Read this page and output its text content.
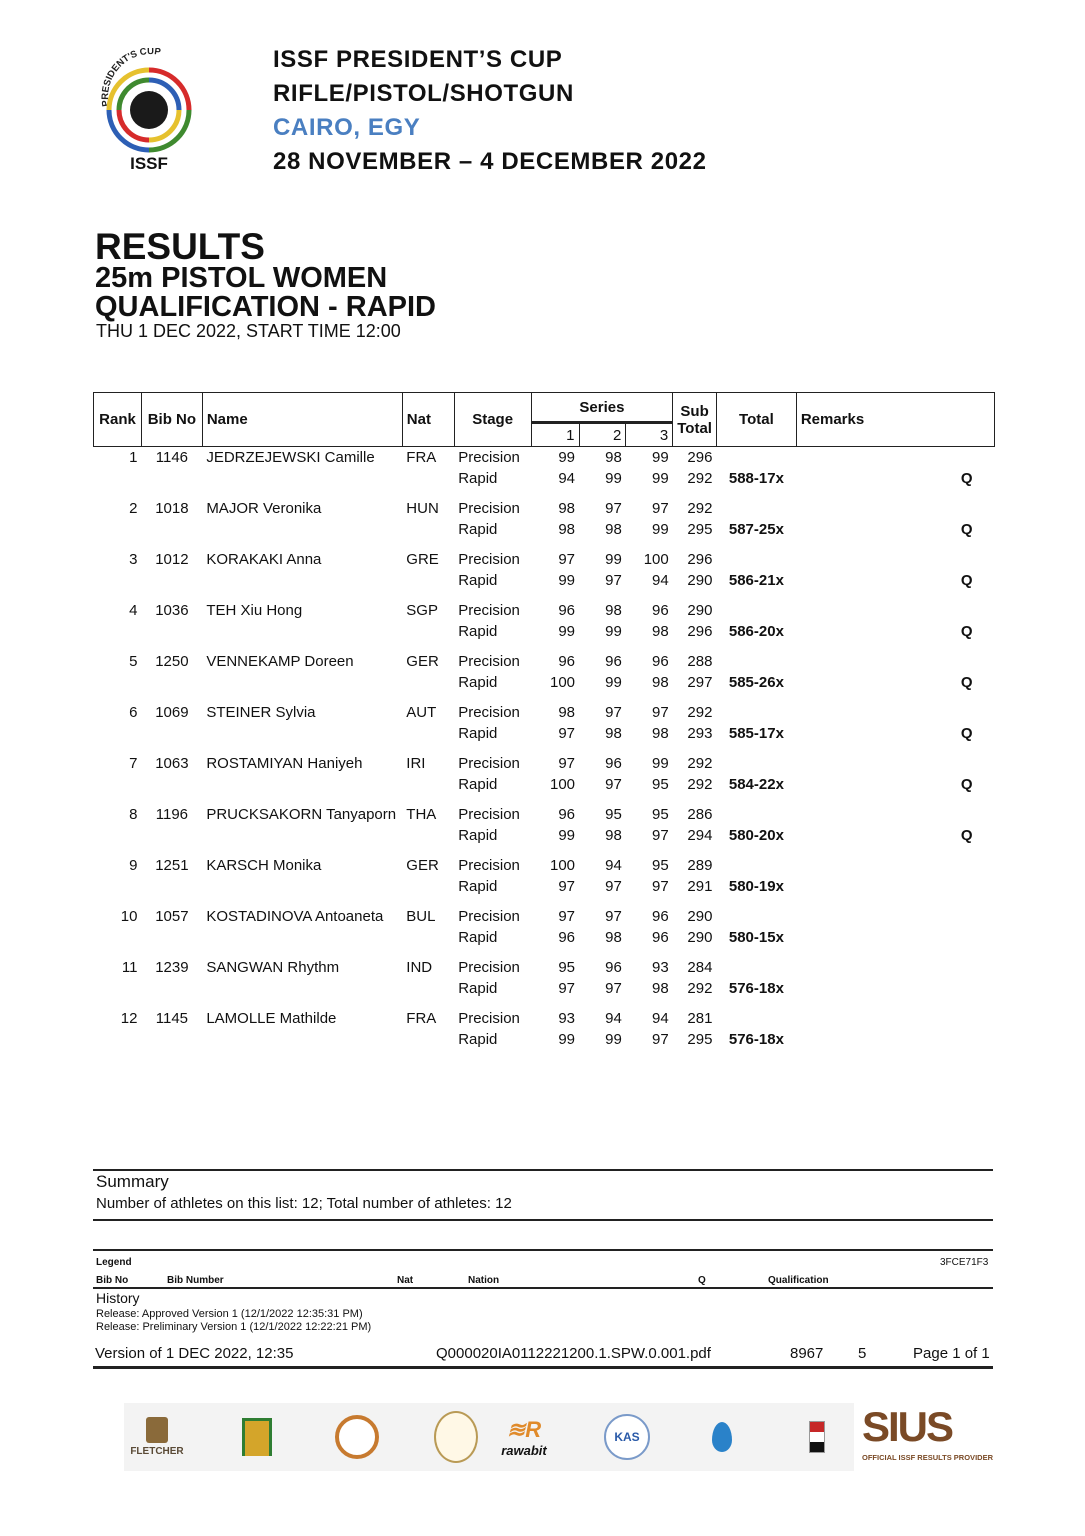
PRESIDENT'S CUP
ISSF
ISSF PRESIDENT’S CUP
RIFLE/PISTOL/SHOTGUN
CAIRO, EGY
28 NOVEMBER – 4 DECEMBER 2022
RESULTS
25m PISTOL WOMEN
QUALIFICATION - RAPID
THU 1 DEC 2022, START TIME 12:00
Rank	Bib No	Name	Nat	Stage	Series			Sub Total	Total	Remarks
					1	2	3			
1	1146	JEDRZEJEWSKI Camille	FRA	Precision	99	98	99	296		
				Rapid	94	99	99	292	588-17x	Q
2	1018	MAJOR Veronika	HUN	Precision	98	97	97	292		
				Rapid	98	98	99	295	587-25x	Q
3	1012	KORAKAKI Anna	GRE	Precision	97	99	100	296		
				Rapid	99	97	94	290	586-21x	Q
4	1036	TEH Xiu Hong	SGP	Precision	96	98	96	290		
				Rapid	99	99	98	296	586-20x	Q
5	1250	VENNEKAMP Doreen	GER	Precision	96	96	96	288		
				Rapid	100	99	98	297	585-26x	Q
6	1069	STEINER Sylvia	AUT	Precision	98	97	97	292		
				Rapid	97	98	98	293	585-17x	Q
7	1063	ROSTAMIYAN Haniyeh	IRI	Precision	97	96	99	292		
				Rapid	100	97	95	292	584-22x	Q
8	1196	PRUCKSAKORN Tanyaporn	THA	Precision	96	95	95	286		
				Rapid	99	98	97	294	580-20x	Q
9	1251	KARSCH Monika	GER	Precision	100	94	95	289		
				Rapid	97	97	97	291	580-19x	
10	1057	KOSTADINOVA Antoaneta	BUL	Precision	97	97	96	290		
				Rapid	96	98	96	290	580-15x	
11	1239	SANGWAN Rhythm	IND	Precision	95	96	93	284		
				Rapid	97	97	98	292	576-18x	
12	1145	LAMOLLE Mathilde	FRA	Precision	93	94	94	281		
				Rapid	99	99	97	295	576-18x	
Summary
Number of athletes on this list: 12; Total number of athletes: 12
Legend	3FCE71F3
Bib No	Bib Number	Nat	Nation	Q	Qualification
History
Release: Approved Version 1 (12/1/2022 12:35:31 PM)
Release: Preliminary Version 1 (12/1/2022 12:22:21 PM)
Version of 1 DEC 2022, 12:35	Q000020IA0112221200.1.SPW.0.001.pdf	8967 5	Page 1 of 1
FLETCHER
≋R
rawabit
KAS	SIUS
OFFICIAL ISSF RESULTS PROVIDER
